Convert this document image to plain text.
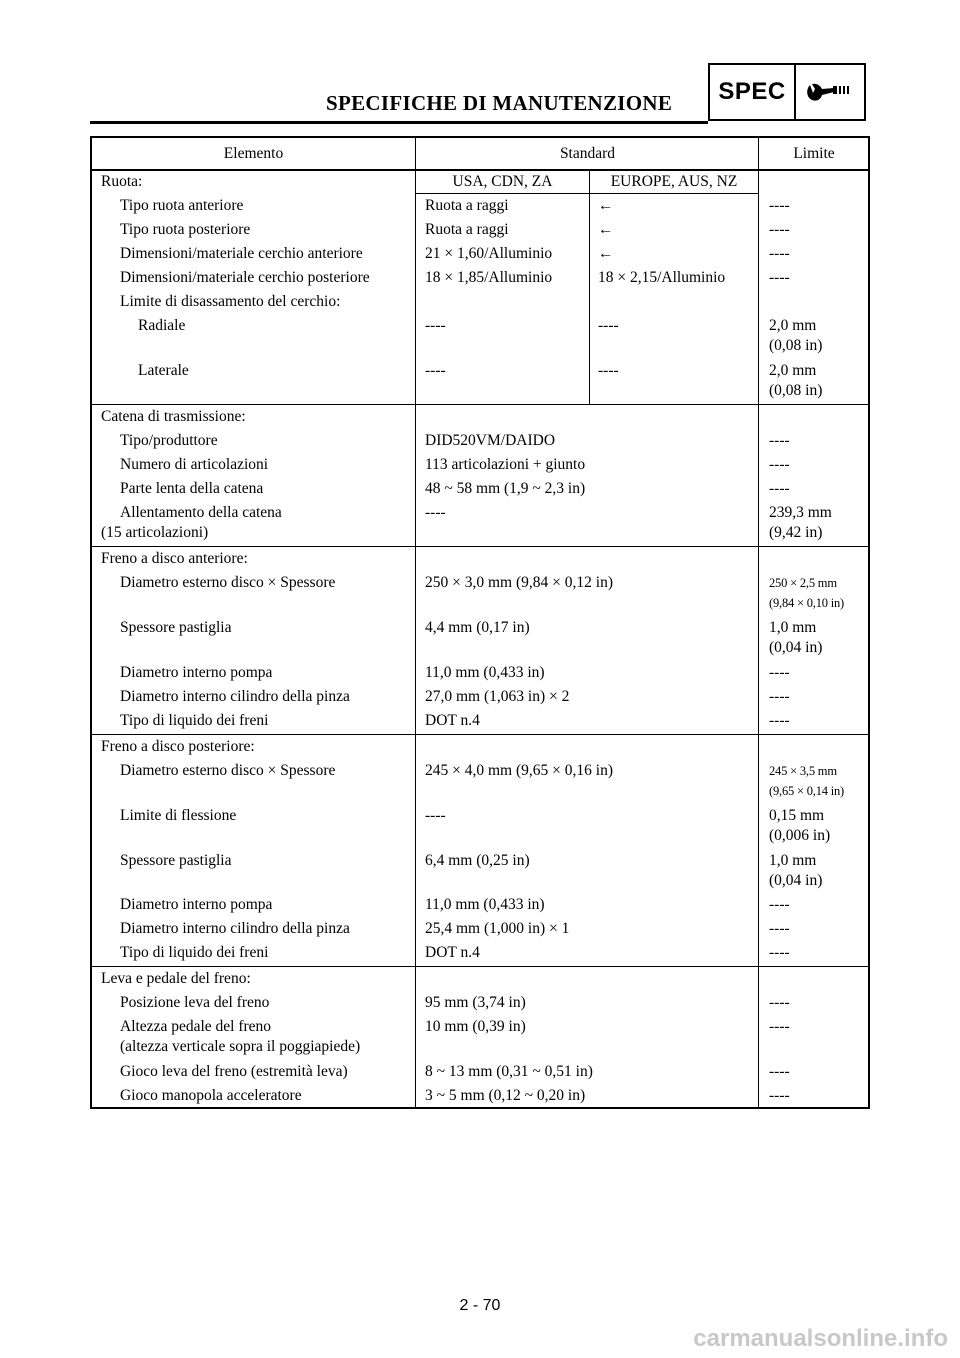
SPECIFICHE DI MANUTENZIONE	SPEC
Elemento	Standard	Limite
Ruota:	USA, CDN, ZA	EUROPE, AUS, NZ
Tipo ruota anteriore	Ruota a raggi	←	----
Tipo ruota posteriore	Ruota a raggi	←	----
Dimensioni/materiale cerchio anteriore	21 × 1,60/Alluminio	←	----
Dimensioni/materiale cerchio posteriore	18 × 1,85/Alluminio	18 × 2,15/Alluminio	----
Limite di disassamento del cerchio:
Radiale	----	----	2,0 mm
(0,08 in)
Laterale	----	----	2,0 mm
(0,08 in)
Catena di trasmissione:
Tipo/produttore	DID520VM/DAIDO	----
Numero di articolazioni	113 articolazioni + giunto	----
Parte lenta della catena	48 ~ 58 mm (1,9 ~ 2,3 in)	----
Allentamento della catena
(15 articolazioni)
----	239,3 mm
(9,42 in)
Freno a disco anteriore:
Diametro esterno disco × Spessore	250 × 3,0 mm (9,84 × 0,12 in)	250 × 2,5 mm
(9,84 × 0,10 in)
Spessore pastiglia	4,4 mm (0,17 in)	1,0 mm
(0,04 in)
Diametro interno pompa	11,0 mm (0,433 in)	----
Diametro interno cilindro della pinza	27,0 mm (1,063 in) × 2	----
Tipo di liquido dei freni	DOT n.4	----
Freno a disco posteriore:
Diametro esterno disco × Spessore	245 × 4,0 mm (9,65 × 0,16 in)	245 × 3,5 mm
(9,65 × 0,14 in)
Limite di flessione	----	0,15 mm
(0,006 in)
Spessore pastiglia	6,4 mm (0,25 in)	1,0 mm
(0,04 in)
Diametro interno pompa	11,0 mm (0,433 in)	----
Diametro interno cilindro della pinza	25,4 mm (1,000 in) × 1	----
Tipo di liquido dei freni	DOT n.4	----
Leva e pedale del freno:
Posizione leva del freno	95 mm (3,74 in)	----
Altezza pedale del freno
(altezza verticale sopra il poggiapiede)
10 mm (0,39 in)	----
Gioco leva del freno (estremità leva)	8 ~ 13 mm (0,31 ~ 0,51 in)	----
Gioco manopola acceleratore	3 ~ 5 mm (0,12 ~ 0,20 in)	----
2 - 70
carmanualsonline.info
